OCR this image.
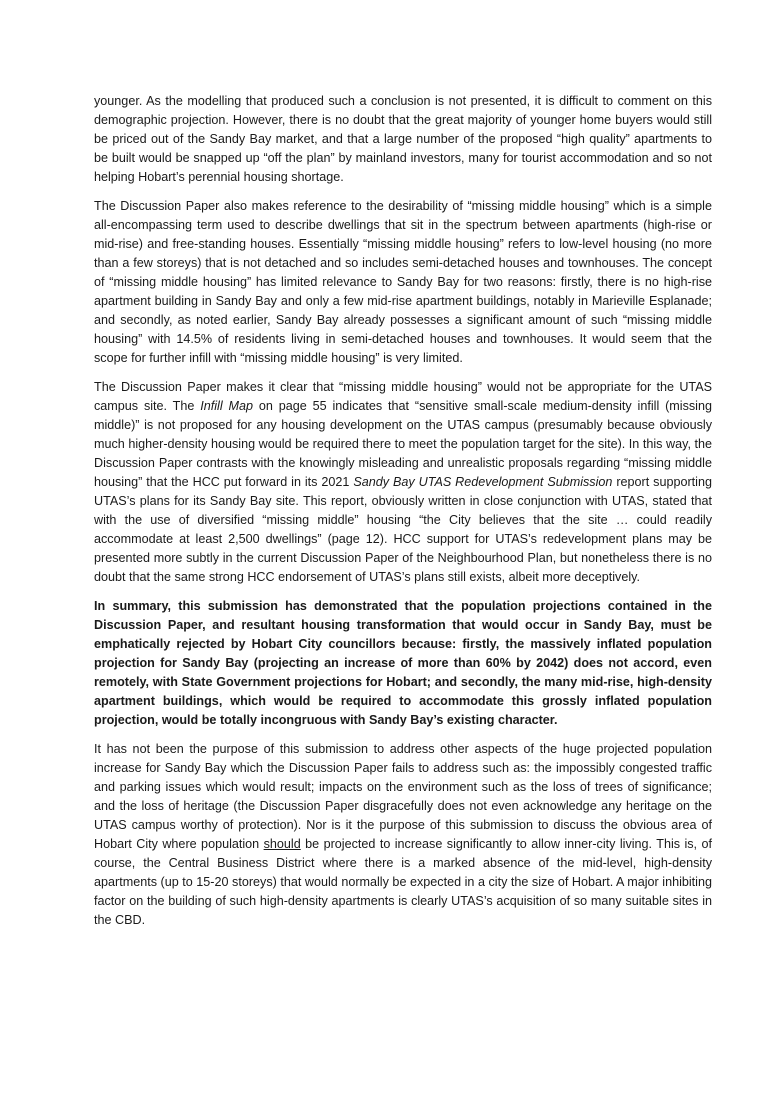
younger. As the modelling that produced such a conclusion is not presented, it is difficult to comment on this demographic projection. However, there is no doubt that the great majority of younger home buyers would still be priced out of the Sandy Bay market, and that a large number of the proposed “high quality” apartments to be built would be snapped up “off the plan” by mainland investors, many for tourist accommodation and so not helping Hobart’s perennial housing shortage.

The Discussion Paper also makes reference to the desirability of “missing middle housing” which is a simple all-encompassing term used to describe dwellings that sit in the spectrum between apartments (high-rise or mid-rise) and free-standing houses. Essentially “missing middle housing” refers to low-level housing (no more than a few storeys) that is not detached and so includes semi-detached houses and townhouses. The concept of “missing middle housing” has limited relevance to Sandy Bay for two reasons: firstly, there is no high-rise apartment building in Sandy Bay and only a few mid-rise apartment buildings, notably in Marieville Esplanade; and secondly, as noted earlier, Sandy Bay already possesses a significant amount of such “missing middle housing” with 14.5% of residents living in semi-detached houses and townhouses. It would seem that the scope for further infill with “missing middle housing” is very limited.

The Discussion Paper makes it clear that “missing middle housing” would not be appropriate for the UTAS campus site. The Infill Map on page 55 indicates that “sensitive small-scale medium-density infill (missing middle)” is not proposed for any housing development on the UTAS campus (presumably because obviously much higher-density housing would be required there to meet the population target for the site). In this way, the Discussion Paper contrasts with the knowingly misleading and unrealistic proposals regarding “missing middle housing” that the HCC put forward in its 2021 Sandy Bay UTAS Redevelopment Submission report supporting UTAS’s plans for its Sandy Bay site. This report, obviously written in close conjunction with UTAS, stated that with the use of diversified “missing middle” housing “the City believes that the site … could readily accommodate at least 2,500 dwellings” (page 12). HCC support for UTAS’s redevelopment plans may be presented more subtly in the current Discussion Paper of the Neighbourhood Plan, but nonetheless there is no doubt that the same strong HCC endorsement of UTAS’s plans still exists, albeit more deceptively.

In summary, this submission has demonstrated that the population projections contained in the Discussion Paper, and resultant housing transformation that would occur in Sandy Bay, must be emphatically rejected by Hobart City councillors because: firstly, the massively inflated population projection for Sandy Bay (projecting an increase of more than 60% by 2042) does not accord, even remotely, with State Government projections for Hobart; and secondly, the many mid-rise, high-density apartment buildings, which would be required to accommodate this grossly inflated population projection, would be totally incongruous with Sandy Bay’s existing character.

It has not been the purpose of this submission to address other aspects of the huge projected population increase for Sandy Bay which the Discussion Paper fails to address such as: the impossibly congested traffic and parking issues which would result; impacts on the environment such as the loss of trees of significance; and the loss of heritage (the Discussion Paper disgracefully does not even acknowledge any heritage on the UTAS campus worthy of protection). Nor is it the purpose of this submission to discuss the obvious area of Hobart City where population should be projected to increase significantly to allow inner-city living. This is, of course, the Central Business District where there is a marked absence of the mid-level, high-density apartments (up to 15-20 storeys) that would normally be expected in a city the size of Hobart. A major inhibiting factor on the building of such high-density apartments is clearly UTAS’s acquisition of so many suitable sites in the CBD.
